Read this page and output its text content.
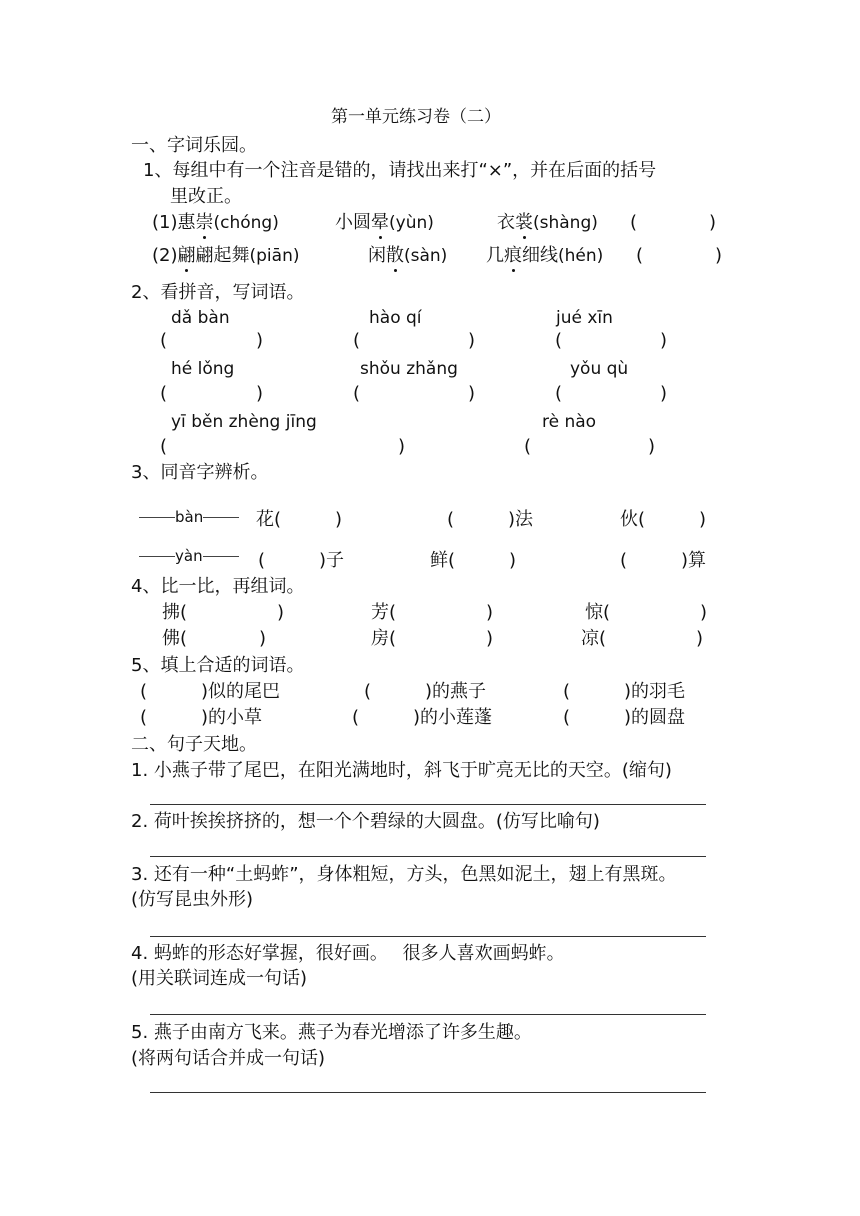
第一单元练习卷（二）
一、字词乐园。
1、每组中有一个注音是错的，请找出来打“×”，并在后面的括号
里改正。
(1)惠崇(chóng)	小圆晕(yùn)	衣裳(shàng) (　　　　)
(2)翩翩起舞(piān)	闲散(sàn) 几痕细线(hén) (　　　　)
2、看拼音，写词语。
dǎ bàn	hào qí	jué xīn
(	)	(	)	(	)
hé lǒng	shǒu zhǎng	yǒu qù
(	)	(	)	(	)
yī běn zhèng jīng	rè nào
(	)	(	)
3、同音字辨析。
bàn	花(　　　)	(　　　)法	伙(　　　)
yàn	(　　　)子	鲜(　　　)	(　　　)算
4、比一比，再组词。
拂(　　　　　)	芳(　　　　　)	惊(　　　　　)
佛(　　　　)	房(　　　　　)	凉(　　　　　)
5、填上合适的词语。
(　　　)似的尾巴	(　　　)的燕子	(　　　)的羽毛
(　　　)的小草	(　　　)的小莲蓬	(　　　)的圆盘
二、句子天地。
1. 小燕子带了尾巴，在阳光满地时，斜飞于旷亮无比的天空。(缩句)
2. 荷叶挨挨挤挤的，想一个个碧绿的大圆盘。(仿写比喻句)
3. 还有一种“土蚂蚱”，身体粗短，方头，色黑如泥土，翅上有黑斑。
(仿写昆虫外形)
4. 蚂蚱的形态好掌握，很好画。　 很多人喜欢画蚂蚱。
(用关联词连成一句话)
5. 燕子由南方飞来。燕子为春光增添了许多生趣。
(将两句话合并成一句话)
